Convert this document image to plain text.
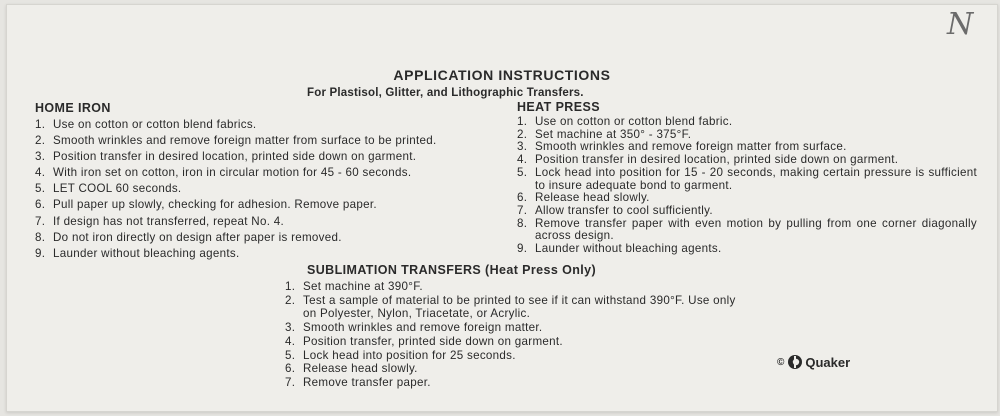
N
APPLICATION INSTRUCTIONS
For Plastisol, Glitter, and Lithographic Transfers.
HOME IRON
1. Use on cotton or cotton blend fabrics.
2. Smooth wrinkles and remove foreign matter from surface to be printed.
3. Position transfer in desired location, printed side down on garment.
4. With iron set on cotton, iron in circular motion for 45 - 60 seconds.
5. LET COOL 60 seconds.
6. Pull paper up slowly, checking for adhesion. Remove paper.
7. If design has not transferred, repeat No. 4.
8. Do not iron directly on design after paper is removed.
9. Launder without bleaching agents.
HEAT PRESS
1. Use on cotton or cotton blend fabric.
2. Set machine at 350° - 375°F.
3. Smooth wrinkles and remove foreign matter from surface.
4. Position transfer in desired location, printed side down on garment.
5. Lock head into position for 15 - 20 seconds, making certain pressure is sufficient to insure adequate bond to garment.
6. Release head slowly.
7. Allow transfer to cool sufficiently.
8. Remove transfer paper with even motion by pulling from one corner diagonally across design.
9. Launder without bleaching agents.
SUBLIMATION TRANSFERS (Heat Press Only)
1. Set machine at 390°F.
2. Test a sample of material to be printed to see if it can withstand 390°F. Use only on Polyester, Nylon, Triacetate, or Acrylic.
3. Smooth wrinkles and remove foreign matter.
4. Position transfer, printed side down on garment.
5. Lock head into position for 25 seconds.
6. Release head slowly.
7. Remove transfer paper.
© Quaker
